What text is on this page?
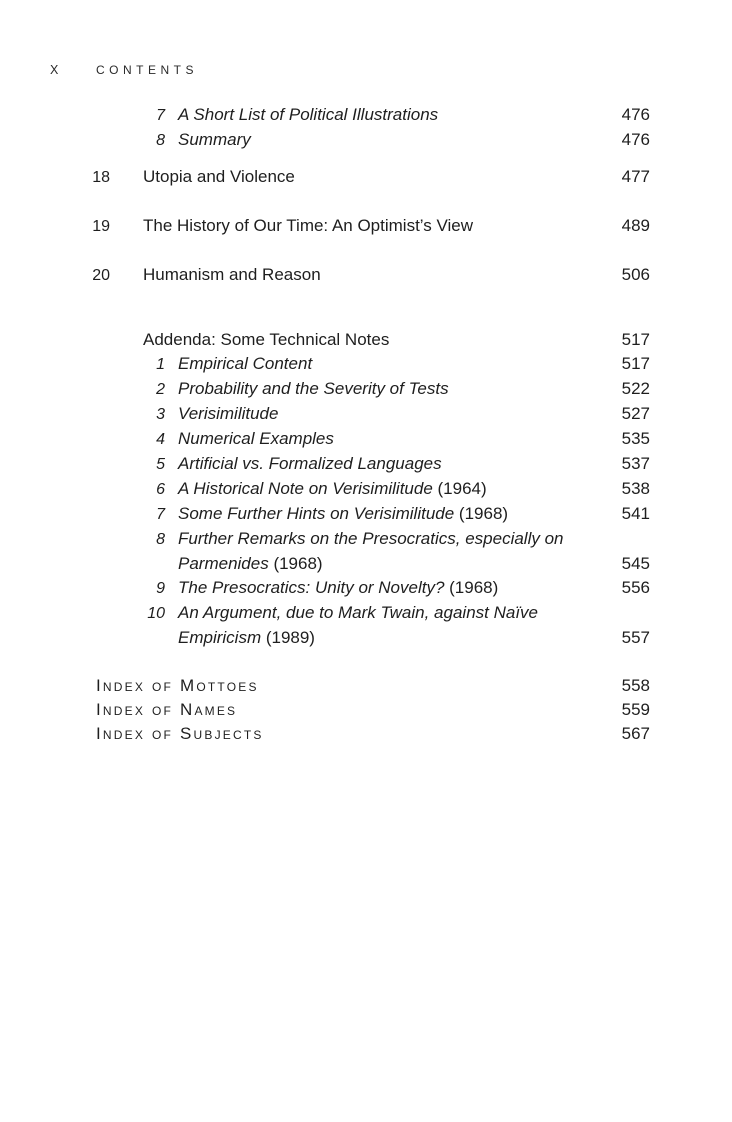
X	CONTENTS
7 A Short List of Political Illustrations	476
8 Summary	476
18 Utopia and Violence	477
19 The History of Our Time: An Optimist’s View	489
20 Humanism and Reason	506
Addenda: Some Technical Notes	517
1 Empirical Content	517
2 Probability and the Severity of Tests	522
3 Verisimilitude	527
4 Numerical Examples	535
5 Artificial vs. Formalized Languages	537
6 A Historical Note on Verisimilitude (1964)	538
7 Some Further Hints on Verisimilitude (1968)	541
8 Further Remarks on the Presocratics, especially on
Parmenides (1968)	545
9 The Presocratics: Unity or Novelty? (1968)	556
10 An Argument, due to Mark Twain, against Naïve
Empiricism (1989)	557
Index of Mottoes	558
Index of Names	559
Index of Subjects	567
